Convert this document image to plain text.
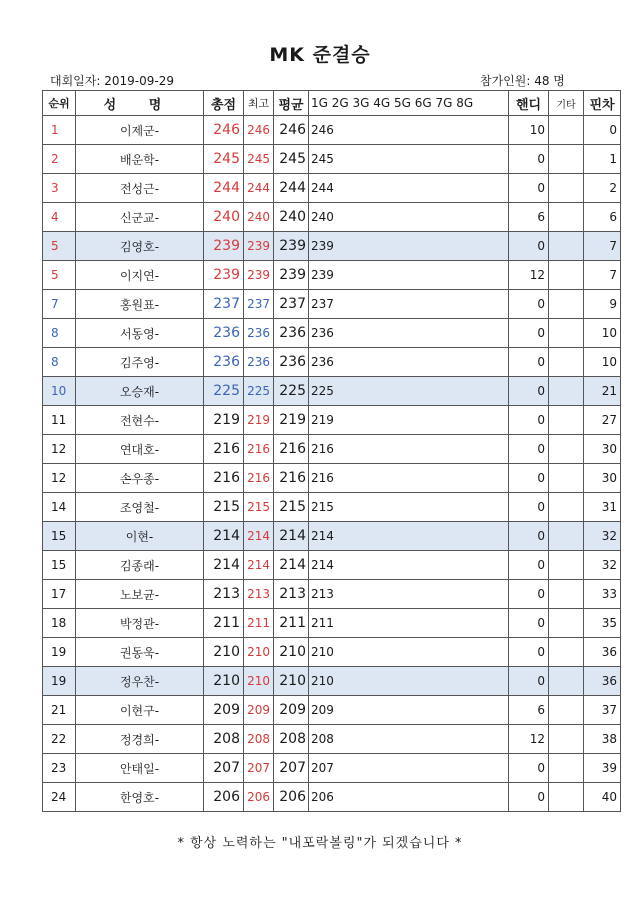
MK 준결승
대회일자: 2019-09-29	참가인원: 48 명
순위	성 명	총점	최고	평균	1G 2G 3G 4G 5G 6G 7G 8G	핸디	기타	핀차
1	이제군-	246	246	246	246	10		0
2	배운학-	245	245	245	245	0		1
3	전성근-	244	244	244	244	0		2
4	신군교-	240	240	240	240	6		6
5	김영호-	239	239	239	239	0		7
5	이지연-	239	239	239	239	12		7
7	홍원표-	237	237	237	237	0		9
8	서동영-	236	236	236	236	0		10
8	김주영-	236	236	236	236	0		10
10	오승재-	225	225	225	225	0		21
11	전현수-	219	219	219	219	0		27
12	연대호-	216	216	216	216	0		30
12	손우종-	216	216	216	216	0		30
14	조영철-	215	215	215	215	0		31
15	이현-	214	214	214	214	0		32
15	김종래-	214	214	214	214	0		32
17	노보균-	213	213	213	213	0		33
18	박정관-	211	211	211	211	0		35
19	권동욱-	210	210	210	210	0		36
19	정우찬-	210	210	210	210	0		36
21	이현구-	209	209	209	209	6		37
22	정경희-	208	208	208	208	12		38
23	안태일-	207	207	207	207	0		39
24	한영호-	206	206	206	206	0		40
* 항상 노력하는 "내포락볼링"가 되겠습니다 *
